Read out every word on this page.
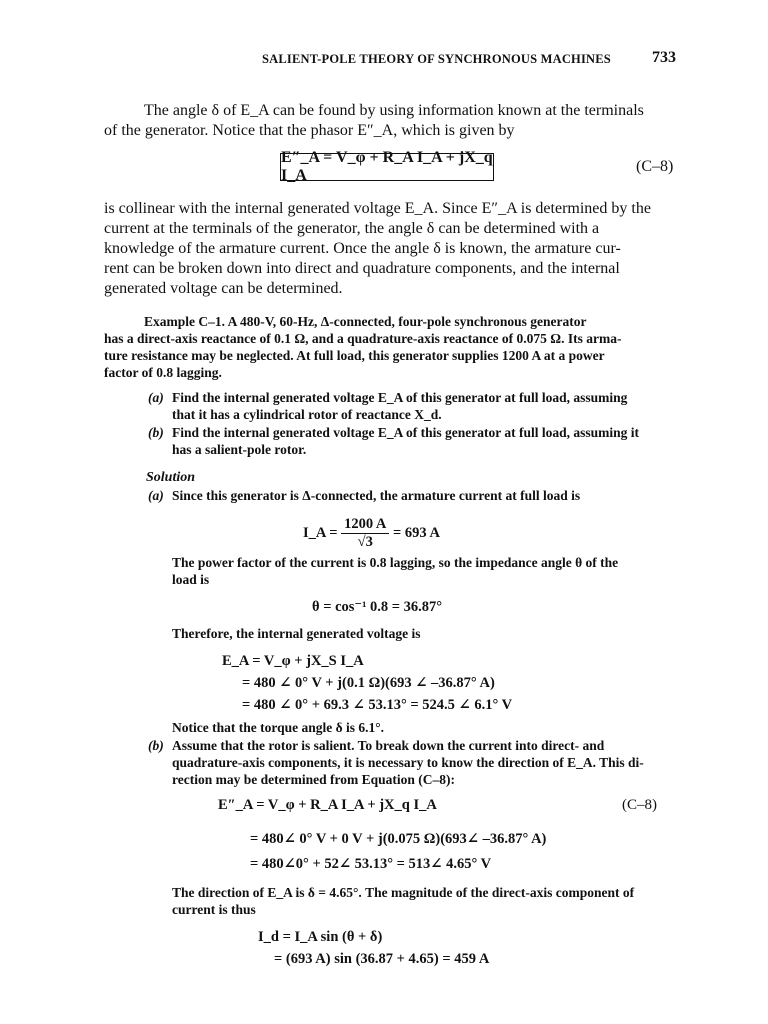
SALIENT-POLE THEORY OF SYNCHRONOUS MACHINES	733
The angle δ of E_A can be found by using information known at the terminals
of the generator. Notice that the phasor E″_A, which is given by
E″_A = V_φ + R_A I_A + jX_q I_A
(C–8)
is collinear with the internal generated voltage E_A. Since E″_A is determined by the
current at the terminals of the generator, the angle δ can be determined with a
knowledge of the armature current. Once the angle δ is known, the armature cur-
rent can be broken down into direct and quadrature components, and the internal
generated voltage can be determined.
Example C–1. A 480-V, 60-Hz, Δ-connected, four-pole synchronous generator
has a direct-axis reactance of 0.1 Ω, and a quadrature-axis reactance of 0.075 Ω. Its arma-
ture resistance may be neglected. At full load, this generator supplies 1200 A at a power
factor of 0.8 lagging.
(a) Find the internal generated voltage E_A of this generator at full load, assuming
that it has a cylindrical rotor of reactance X_d.
(b) Find the internal generated voltage E_A of this generator at full load, assuming it
has a salient-pole rotor.
Solution
(a) Since this generator is Δ-connected, the armature current at full load is
I_A = $\frac{1200 A}{√3} = 693$ A
The power factor of the current is 0.8 lagging, so the impedance angle θ of the
load is
θ = cos⁻¹ 0.8 = 36.87°
Therefore, the internal generated voltage is
E_A = V_φ + jX_S I_A
= 480 ∠ 0° V + j(0.1 Ω)(693 ∠ –36.87° A)
= 480 ∠ 0° + 69.3 ∠ 53.13° = 524.5 ∠ 6.1° V
Notice that the torque angle δ is 6.1°.
(b) Assume that the rotor is salient. To break down the current into direct- and
quadrature-axis components, it is necessary to know the direction of E_A. This di-
rection may be determined from Equation (C–8):
E″_A = V_φ + R_A I_A + jX_q I_A	(C–8)
= 480∠ 0° V + 0 V + j(0.075 Ω)(693∠ –36.87° A)
= 480∠0° + 52∠ 53.13° = 513∠ 4.65° V
The direction of E_A is δ = 4.65°. The magnitude of the direct-axis component of
current is thus
I_d = I_A sin (θ + δ)
= (693 A) sin (36.87 + 4.65) = 459 A
